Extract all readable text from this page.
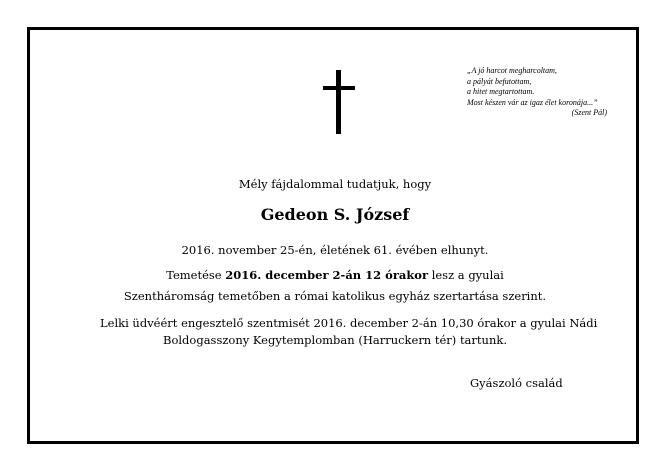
„A jó harcot megharcoltam,
a pályát befutottam,
a hitet megtartottam.
Most készen vár az igaz élet koronája...”
(Szent Pál)
Mély fájdalommal tudatjuk, hogy
Gedeon S. József
2016. november 25-én, életének 61. évében elhunyt.
Temetése 2016. december 2-án 12 órakor lesz a gyulai
Szentháromság temetőben a római katolikus egyház szertartása szerint.
Lelki üdvéért engesztelő szentmisét 2016. december 2-án 10,30 órakor a gyulai Nádi
Boldogasszony Kegytemplomban (Harruckern tér) tartunk.
Gyászoló család
